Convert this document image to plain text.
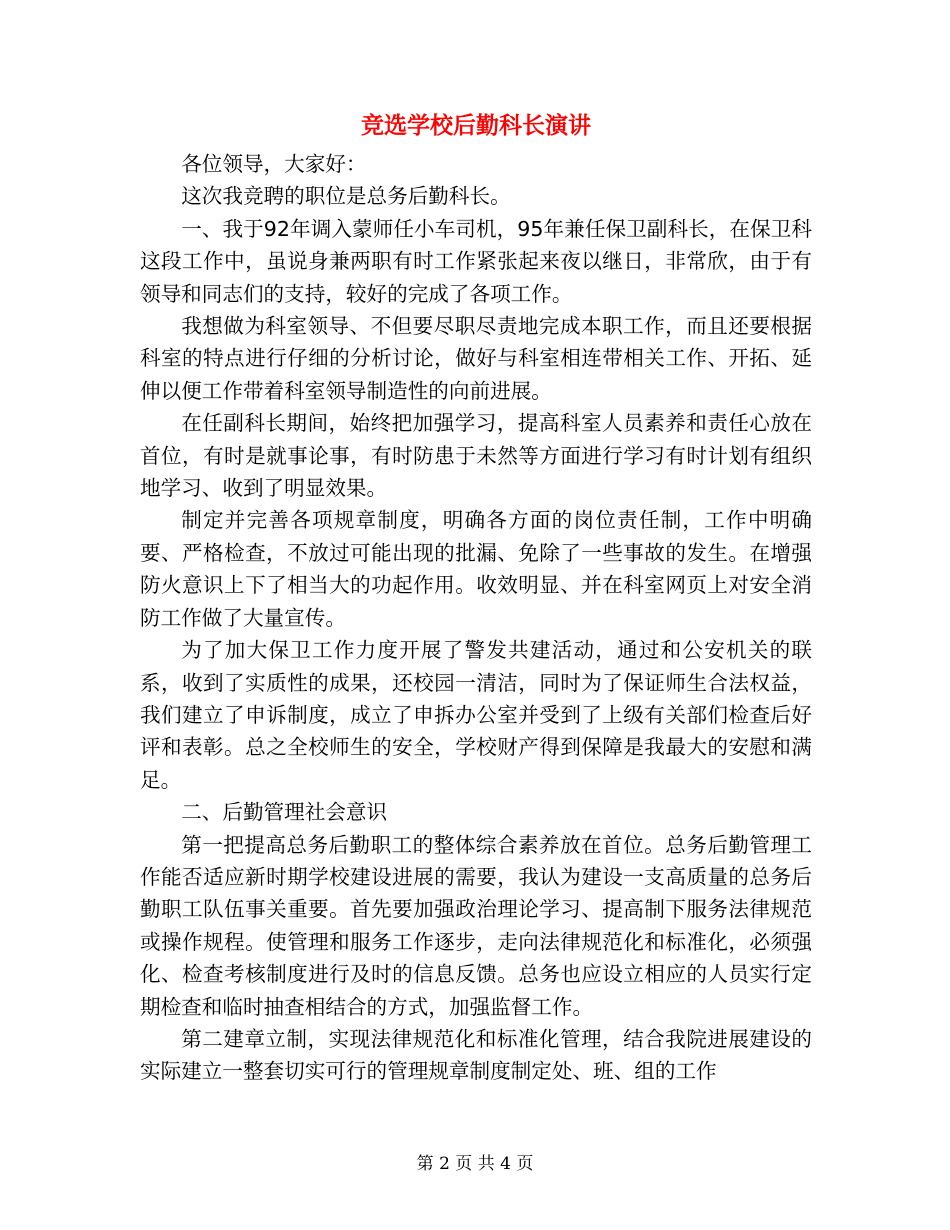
竞选学校后勤科长演讲

各位领导，大家好：

这次我竞聘的职位是总务后勤科长。

一、我于92年调入蒙师任小车司机，95年兼任保卫副科长，在保卫科这段工作中，虽说身兼两职有时工作紧张起来夜以继日，非常欣，由于有领导和同志们的支持，较好的完成了各项工作。

我想做为科室领导、不但要尽职尽责地完成本职工作，而且还要根据科室的特点进行仔细的分析讨论，做好与科室相连带相关工作、开拓、延伸以便工作带着科室领导制造性的向前进展。

在任副科长期间，始终把加强学习，提高科室人员素养和责任心放在首位，有时是就事论事，有时防患于未然等方面进行学习有时计划有组织地学习、收到了明显效果。

制定并完善各项规章制度，明确各方面的岗位责任制，工作中明确要、严格检查，不放过可能出现的批漏、免除了一些事故的发生。在增强防火意识上下了相当大的功起作用。收效明显、并在科室网页上对安全消防工作做了大量宣传。

为了加大保卫工作力度开展了警发共建活动，通过和公安机关的联系，收到了实质性的成果，还校园一清洁，同时为了保证师生合法权益，我们建立了申诉制度，成立了申拆办公室并受到了上级有关部们检查后好评和表彰。总之全校师生的安全，学校财产得到保障是我最大的安慰和满足。

二、后勤管理社会意识

第一把提高总务后勤职工的整体综合素养放在首位。总务后勤管理工作能否适应新时期学校建设进展的需要，我认为建设一支高质量的总务后勤职工队伍事关重要。首先要加强政治理论学习、提高制下服务法律规范或操作规程。使管理和服务工作逐步，走向法律规范化和标准化，必须强化、检查考核制度进行及时的信息反馈。总务也应设立相应的人员实行定期检查和临时抽查相结合的方式，加强监督工作。

第二建章立制，实现法律规范化和标准化管理，结合我院进展建设的实际建立一整套切实可行的管理规章制度制定处、班、组的工作

第 2 页 共 4 页
